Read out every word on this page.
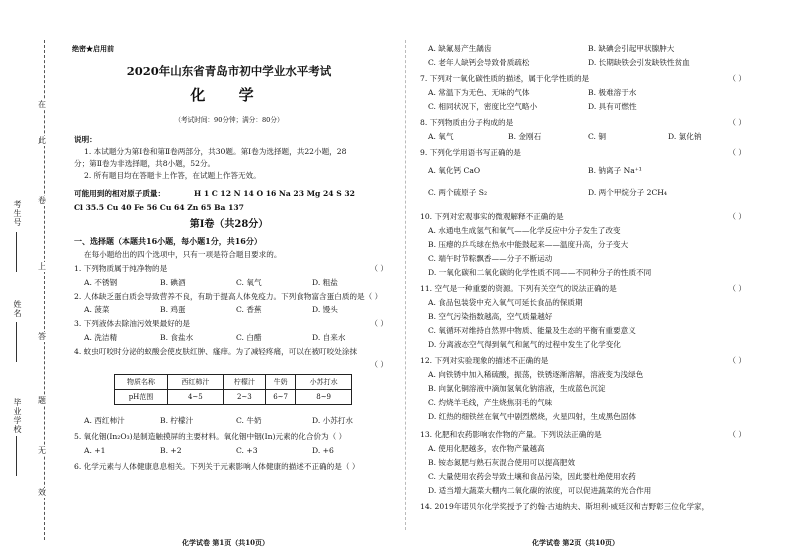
在
此
卷
上
答
题
无
效
考生号
姓名
毕业学校
绝密★启用前
2020年山东省青岛市初中学业水平考试
化 学
（考试时间：90分钟；满分：80分）
说明：
1. 本试题分为第Ⅰ卷和第Ⅱ卷两部分，共30题。第Ⅰ卷为选择题，共22小题，28
分；第Ⅱ卷为非选择题，共8小题，52分。
2. 所有题目均在答题卡上作答，在试题上作答无效。
可能用到的相对原子质量：	H 1 C 12 N 14 O 16 Na 23 Mg 24 S 32
Cl 35.5 Cu 40 Fe 56 Cu 64 Zn 65 Ba 137
第Ⅰ卷（共28分）
一、选择题（本题共16小题，每小题1分，共16分）
在每小题给出的四个选项中，只有一项是符合题目要求的。
1. 下列物质属于纯净物的是	（ ）
A. 不锈钢	B. 碘酒	C. 氧气	D. 粗盐
2. 人体缺乏蛋白质会导致营养不良，有助于提高人体免疫力。下列食物富含蛋白质的是（ ）
A. 菠菜	B. 鸡蛋	C. 香蕉	D. 馒头
3. 下列液体去除油污效果最好的是	（ ）
A. 洗洁精	B. 食盐水	C. 白醋	D. 自来水
4. 蚊虫叮咬时分泌的蚁酸会使皮肤红肿、瘙痒。为了减轻疼痛，可以在被叮咬处涂抹
（ ）
物质名称	西红柿汁	柠檬汁	牛奶	小苏打水
pH范围	4~5	2~3	6~7	8~9
A. 西红柿汁	B. 柠檬汁	C. 牛奶	D. 小苏打水
5. 氧化铟(In₂O₃)是制造触摸屏的主要材料。氧化铟中铟(In)元素的化合价为（ ）
A. +1	B. +2	C. +3	D. +6
6. 化学元素与人体健康息息相关。下列关于元素影响人体健康的描述不正确的是（ ）
化学试卷 第1页（共10页）
A. 缺氟易产生龋齿	B. 缺碘会引起甲状腺肿大
C. 老年人缺钙会导致骨质疏松	D. 长期缺铁会引发缺铁性贫血
7. 下列对一氧化碳性质的描述，属于化学性质的是	（ ）
A. 常温下为无色、无味的气体	B. 极难溶于水
C. 相同状况下，密度比空气略小	D. 具有可燃性
8. 下列物质由分子构成的是	（ ）
A. 氧气	B. 金刚石	C. 铜	D. 氯化钠
9. 下列化学用语书写正确的是	（ ）
A. 氧化钙 CaO	B. 钠离子 Na⁺¹
C. 两个硫原子 S₂	D. 两个甲烷分子 2CH₄
10. 下列对宏观事实的微观解释不正确的是	（ ）
A. 水通电生成氢气和氧气——化学反应中分子发生了改变
B. 压瘪的乒乓球在热水中能鼓起来——温度升高，分子变大
C. 端午时节粽飘香——分子不断运动
D. 一氧化碳和二氧化碳的化学性质不同——不同种分子的性质不同
11. 空气是一种重要的资源。下列有关空气的说法正确的是	（ ）
A. 食品包装袋中充入氧气可延长食品的保质期
B. 空气污染指数越高，空气质量越好
C. 氧循环对维持自然界中物质、能量及生态的平衡有重要意义
D. 分离液态空气得到氧气和氮气的过程中发生了化学变化
12. 下列对实验现象的描述不正确的是	（ ）
A. 向铁锈中加入稀硫酸，振荡，铁锈逐渐溶解，溶液变为浅绿色
B. 向氯化铜溶液中滴加氢氧化钠溶液，生成蓝色沉淀
C. 灼烧羊毛线，产生烧焦羽毛的气味
D. 红热的细铁丝在氧气中剧烈燃烧，火星四射，生成黑色固体
13. 化肥和农药影响农作物的产量。下列说法正确的是	（ ）
A. 使用化肥越多，农作物产量越高
B. 铵态氮肥与熟石灰混合使用可以提高肥效
C. 大量使用农药会导致土壤和食品污染，因此要杜绝使用农药
D. 适当增大蔬菜大棚内二氧化碳的浓度，可以促进蔬菜的光合作用
14. 2019年诺贝尔化学奖授予了约翰·古迪纳夫、斯坦利·威廷汉和吉野彰三位化学家，
化学试卷 第2页（共10页）
